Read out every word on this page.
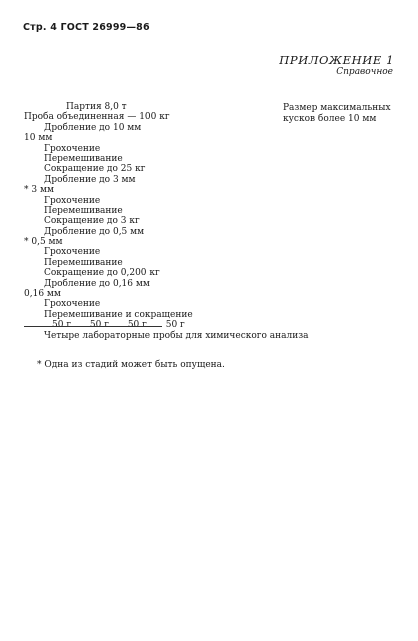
Стр. 4 ГОСТ 26999—86
ПРИЛОЖЕНИЕ 1
Справочное
Размер максимальных
кусков более 10 мм
Партия 8,0 т
Проба объединенная — 100 кг
Дробление до 10 мм
10 мм
Грохочение
Перемешивание
Сокращение до 25 кг
Дробление до 3 мм
* 3 мм
Грохочение
Перемешивание
Сокращение до 3 кг
Дробление до 0,5 мм
* 0,5 мм
Грохочение
Перемешивание
Сокращение до 0,200 кг
Дробление до 0,16 мм
0,16 мм
Грохочение
Перемешивание и сокращение
50 г 50 г 50 г 50 г
Четыре лабораторные пробы для химического анализа
* Одна из стадий может быть опущена.
